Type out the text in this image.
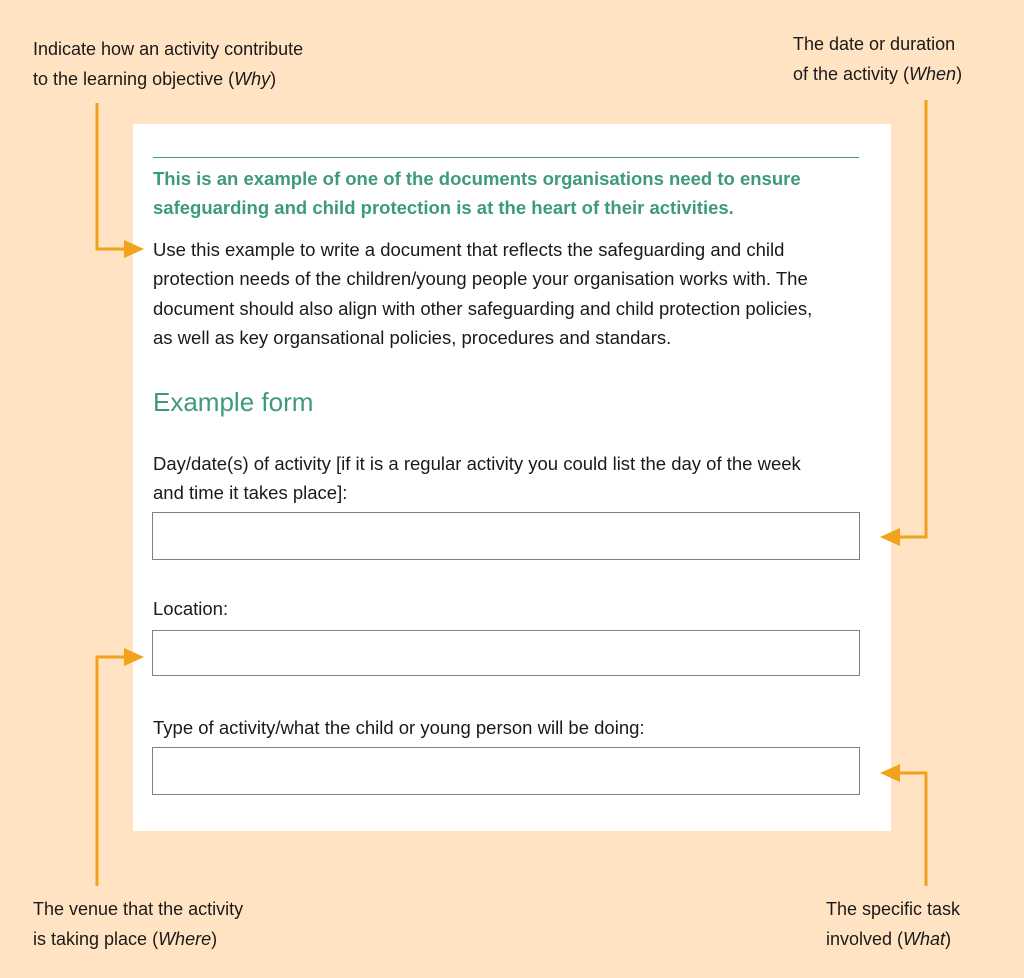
Indicate how an activity contribute
to the learning objective (Why)
The date or duration
of the activity (When)
The venue that the activity
is taking place (Where)
The specific task
involved (What)
This is an example of one of the documents organisations need to ensure
safeguarding and child protection is at the heart of their activities.
Use this example to write a document that reflects the safeguarding and child
protection needs of the children/young people your organisation works with. The
document should also align with other safeguarding and child protection policies,
as well as key organsational policies, procedures and standars.
Example form
Day/date(s) of activity [if it is a regular activity you could list the day of the week
and time it takes place]:
Location:
Type of activity/what the child or young person will be doing:
